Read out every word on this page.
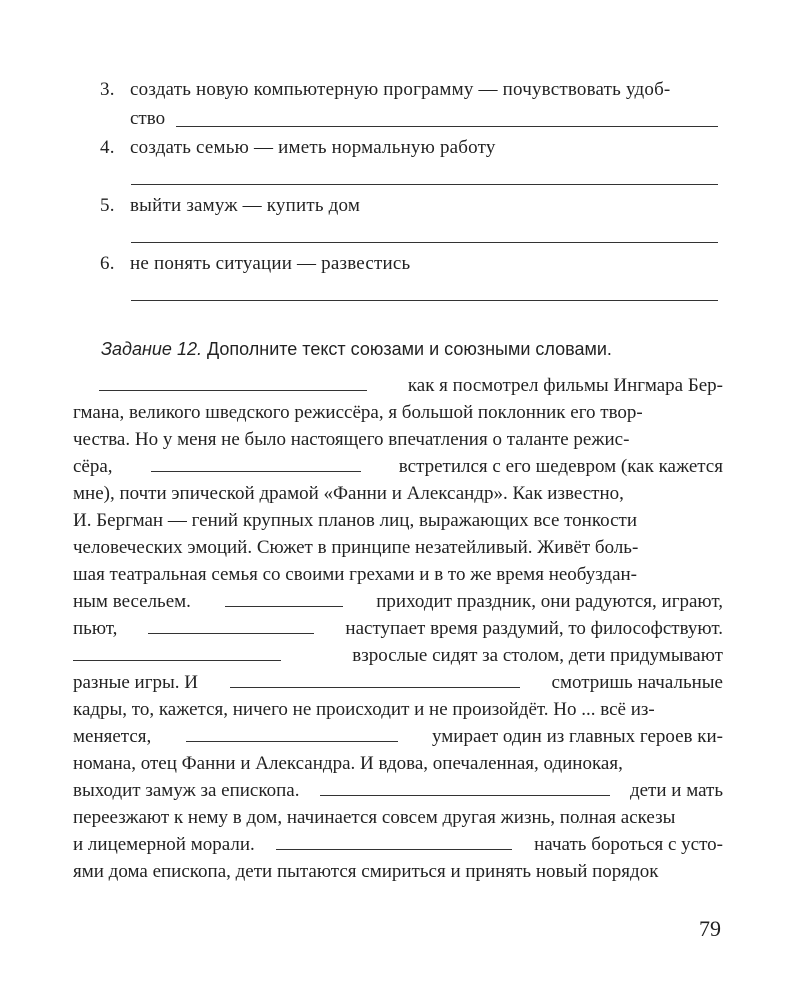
3. создать новую компьютерную программу — почувствовать удоб-
ство
4. создать семью — иметь нормальную работу
5. выйти замуж — купить дом
6. не понять ситуации — развестись
Задание 12. Дополните текст союзами и союзными словами.
как я посмотрел фильмы Ингмара Бер-
гмана, великого шведского режиссёра, я большой поклонник его твор-
чества. Но у меня не было настоящего впечатления о таланте режис-
сёра,	встретился с его шедевром (как кажется
мне), почти эпической драмой «Фанни и Александр». Как известно,
И. Бергман — гений крупных планов лиц, выражающих все тонкости
человеческих эмоций. Сюжет в принципе незатейливый. Живёт боль-
шая театральная семья со своими грехами и в то же время необуздан-
ным весельем.	приходит праздник, они радуются, играют,
пьют,	наступает время раздумий, то философствуют.
взрослые сидят за столом, дети придумывают
разные игры. И	смотришь начальные
кадры, то, кажется, ничего не происходит и не произойдёт. Но ... всё из-
меняется,	умирает один из главных героев ки-
номана, отец Фанни и Александра. И вдова, опечаленная, одинокая,
выходит замуж за епископа.	дети и мать
переезжают к нему в дом, начинается совсем другая жизнь, полная аскезы
и лицемерной морали.	начать бороться с усто-
ями дома епископа, дети пытаются смириться и принять новый порядок
79
